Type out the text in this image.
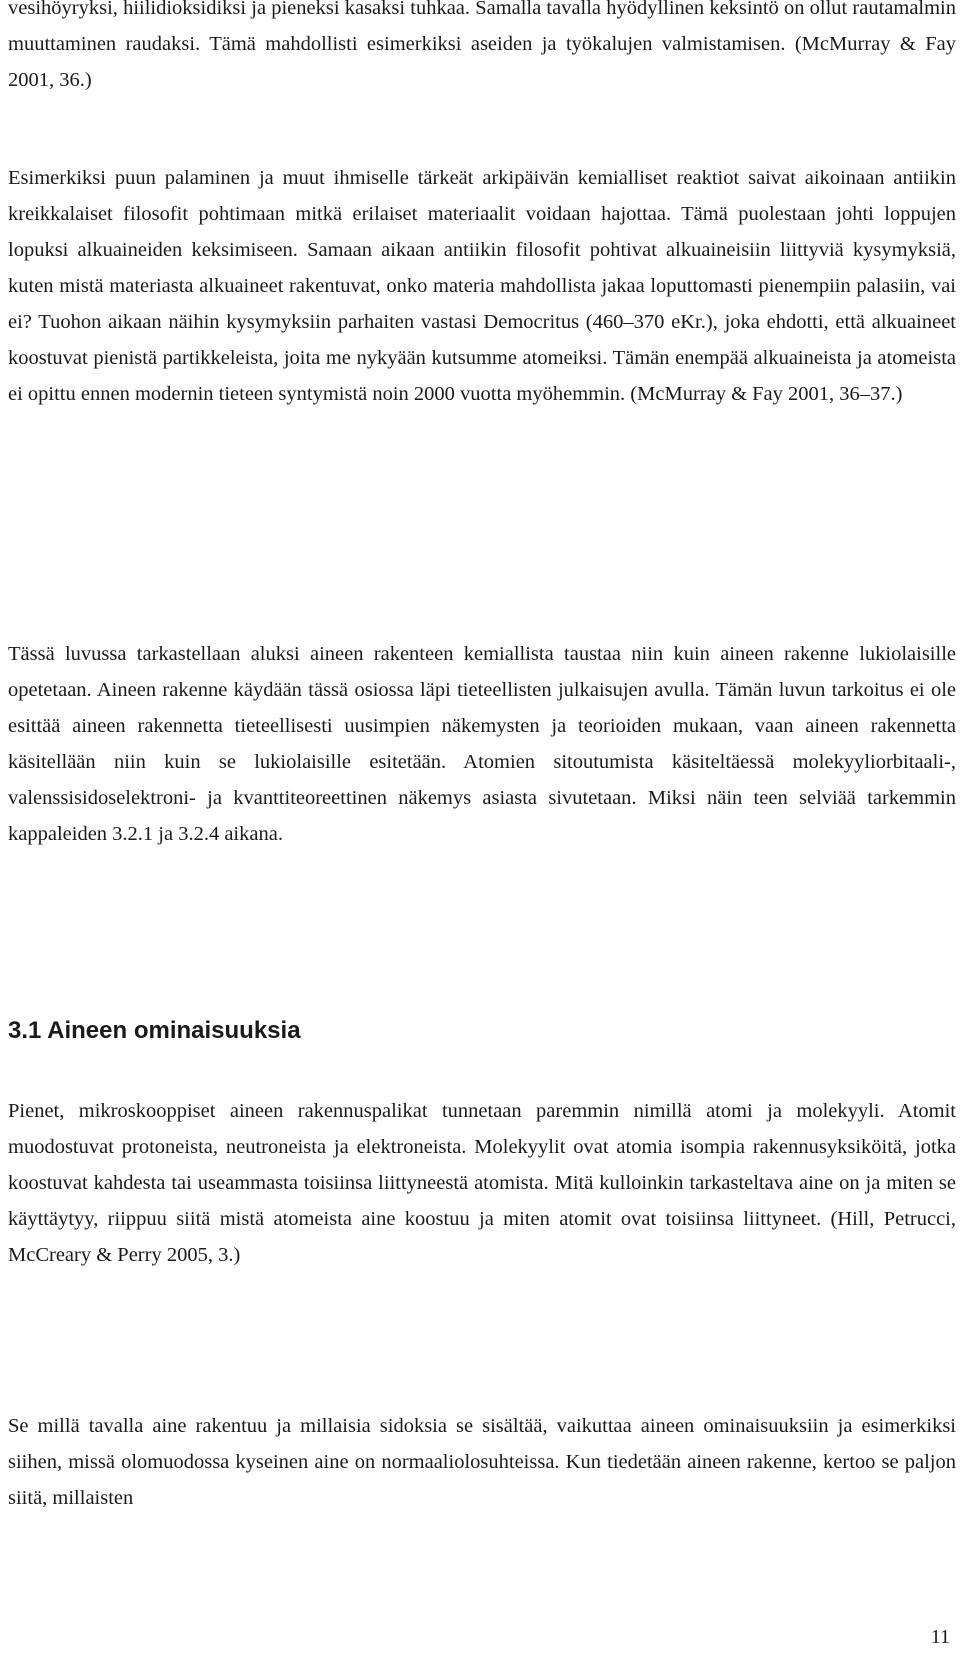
vesihöyryksi, hiilidioksidiksi ja pieneksi kasaksi tuhkaa. Samalla tavalla hyödyllinen keksintö on ollut rautamalmin muuttaminen raudaksi. Tämä mahdollisti esimerkiksi aseiden ja työkalujen valmistamisen. (McMurray & Fay 2001, 36.)

Esimerkiksi puun palaminen ja muut ihmiselle tärkeät arkipäivän kemialliset reaktiot saivat aikoinaan antiikin kreikkalaiset filosofit pohtimaan mitkä erilaiset materiaalit voidaan hajottaa. Tämä puolestaan johti loppujen lopuksi alkuaineiden keksimiseen. Samaan aikaan antiikin filosofit pohtivat alkuaineisiin liittyviä kysymyksiä, kuten mistä materiasta alkuaineet rakentuvat, onko materia mahdollista jakaa loputtomasti pienempiin palasiin, vai ei? Tuohon aikaan näihin kysymyksiin parhaiten vastasi Democritus (460–370 eKr.), joka ehdotti, että alkuaineet koostuvat pienistä partikkeleista, joita me nykyään kutsumme atomeiksi. Tämän enempää alkuaineista ja atomeista ei opittu ennen modernin tieteen syntymistä noin 2000 vuotta myöhemmin. (McMurray & Fay 2001, 36–37.)

Tässä luvussa tarkastellaan aluksi aineen rakenteen kemiallista taustaa niin kuin aineen rakenne lukiolaisille opetetaan. Aineen rakenne käydään tässä osiossa läpi tieteellisten julkaisujen avulla. Tämän luvun tarkoitus ei ole esittää aineen rakennetta tieteellisesti uusimpien näkemysten ja teorioiden mukaan, vaan aineen rakennetta käsitellään niin kuin se lukiolaisille esitetään. Atomien sitoutumista käsiteltäessä molekyyliorbitaali-, valenssisidoselektroni- ja kvanttiteoreettinen näkemys asiasta sivutetaan. Miksi näin teen selviää tarkemmin kappaleiden 3.2.1 ja 3.2.4 aikana.

3.1 Aineen ominaisuuksia

Pienet, mikroskooppiset aineen rakennuspalikat tunnetaan paremmin nimillä atomi ja molekyyli. Atomit muodostuvat protoneista, neutroneista ja elektroneista. Molekyylit ovat atomia isompia rakennusyksiköitä, jotka koostuvat kahdesta tai useammasta toisiinsa liittyneestä atomista. Mitä kulloinkin tarkasteltava aine on ja miten se käyttäytyy, riippuu siitä mistä atomeista aine koostuu ja miten atomit ovat toisiinsa liittyneet. (Hill, Petrucci, McCreary & Perry 2005, 3.)

Se millä tavalla aine rakentuu ja millaisia sidoksia se sisältää, vaikuttaa aineen ominaisuuksiin ja esimerkiksi siihen, missä olomuodossa kyseinen aine on normaaliolosuhteissa. Kun tiedetään aineen rakenne, kertoo se paljon siitä, millaisten

11
